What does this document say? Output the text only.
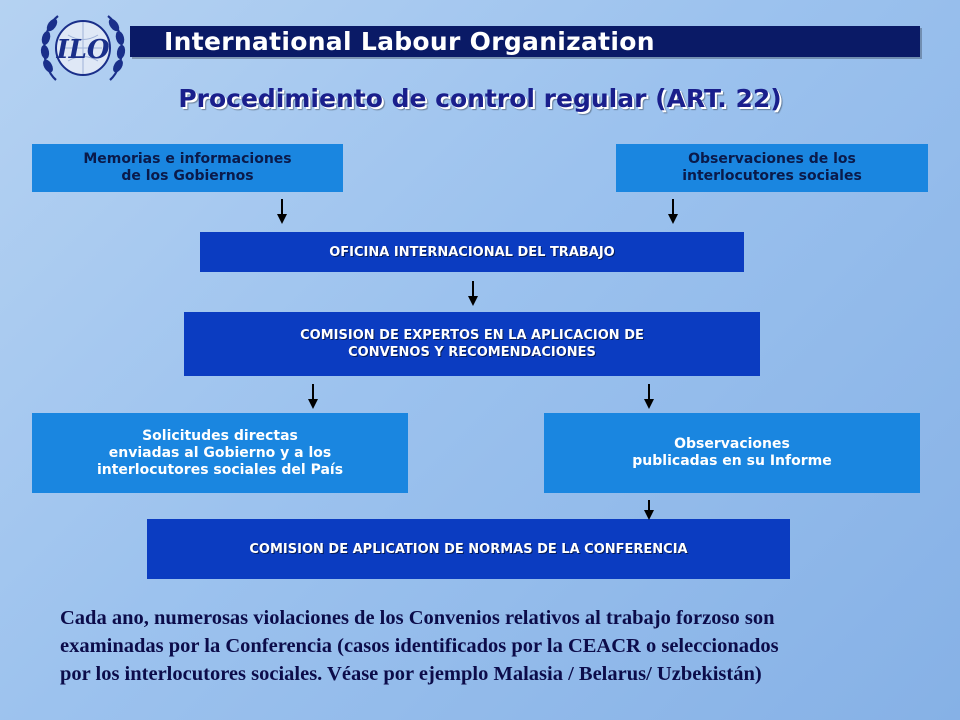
ILO International Labour Organization
Procedimiento de control regular (ART. 22)
Memorias e informaciones
de los Gobiernos
Observaciones de los
interlocutores sociales
OFICINA INTERNACIONAL DEL TRABAJO
COMISION DE EXPERTOS EN LA APLICACION DE
CONVENOS Y RECOMENDACIONES
Solicitudes directas
enviadas al Gobierno y a los
interlocutores sociales del País
Observaciones
publicadas en su Informe
COMISION DE APLICATION DE NORMAS DE LA CONFERENCIA
Cada ano, numerosas violaciones de los Convenios relativos al trabajo forzoso son
examinadas por la Conferencia (casos identificados por la CEACR o seleccionados
por los interlocutores sociales. Véase por ejemplo Malasia / Belarus/ Uzbekistán)
